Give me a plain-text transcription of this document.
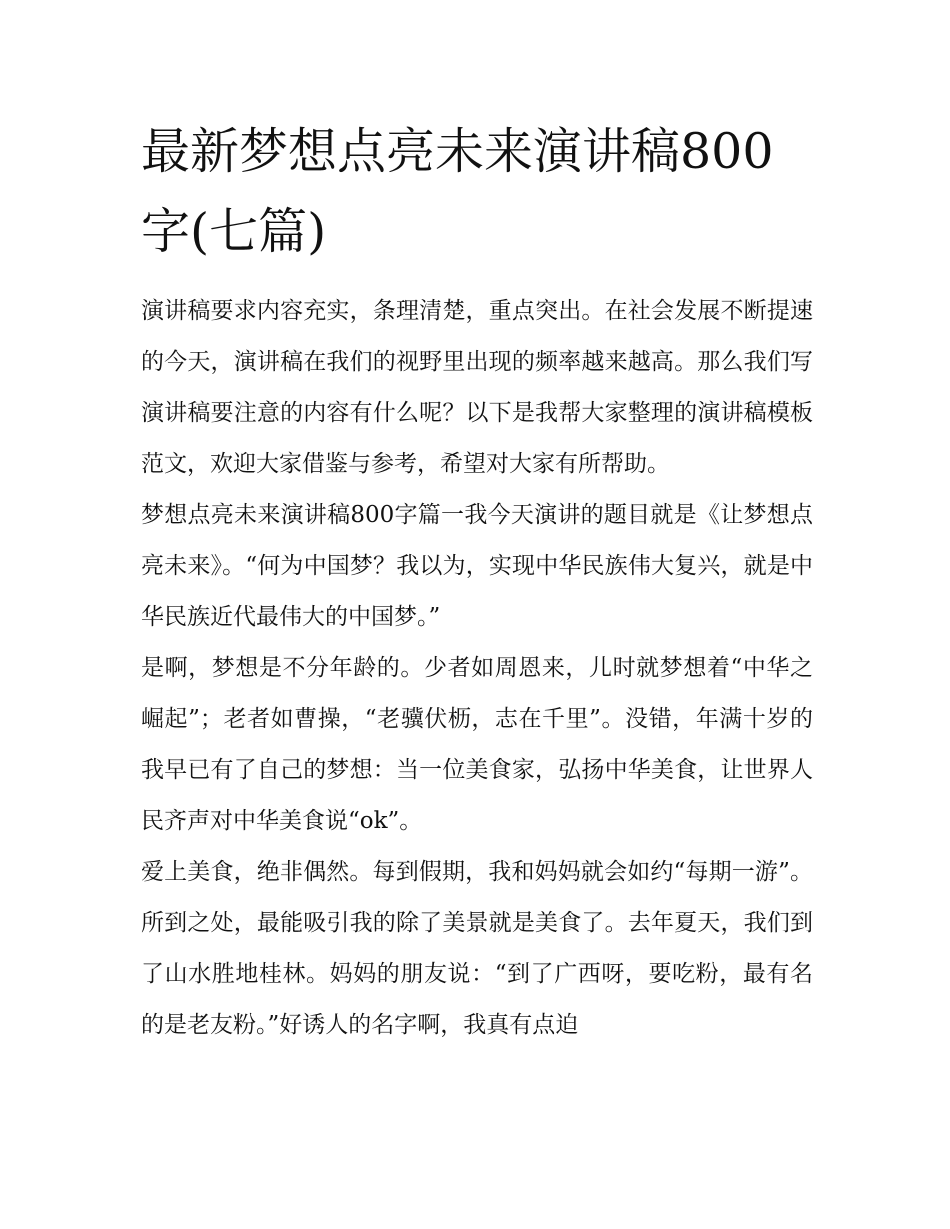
最新梦想点亮未来演讲稿800字(七篇)

演讲稿要求内容充实，条理清楚，重点突出。在社会发展不断提速的今天，演讲稿在我们的视野里出现的频率越来越高。那么我们写演讲稿要注意的内容有什么呢？以下是我帮大家整理的演讲稿模板范文，欢迎大家借鉴与参考，希望对大家有所帮助。

梦想点亮未来演讲稿800字篇一我今天演讲的题目就是《让梦想点亮未来》。“何为中国梦？我以为，实现中华民族伟大复兴，就是中华民族近代最伟大的中国梦。”

是啊，梦想是不分年龄的。少者如周恩来，儿时就梦想着“中华之崛起”；老者如曹操，“老骥伏枥，志在千里”。没错，年满十岁的我早已有了自己的梦想：当一位美食家，弘扬中华美食，让世界人民齐声对中华美食说“ok”。

爱上美食，绝非偶然。每到假期，我和妈妈就会如约“每期一游”。所到之处，最能吸引我的除了美景就是美食了。去年夏天，我们到了山水胜地桂林。妈妈的朋友说：“到了广西呀，要吃粉，最有名的是老友粉。”好诱人的名字啊，我真有点迫
